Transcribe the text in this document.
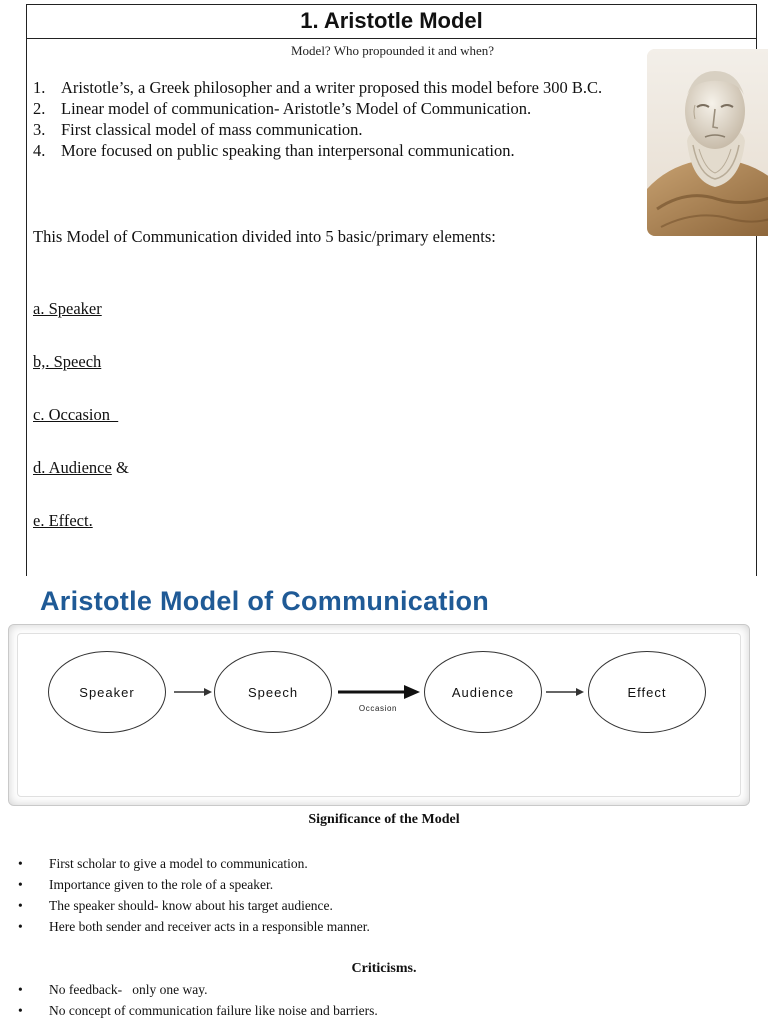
1. Aristotle Model
Model? Who propounded it and when?
1. Aristotle’s, a Greek philosopher and a writer proposed this model before 300 B.C.
2. Linear model of communication- Aristotle’s Model of Communication.
3. First classical model of mass communication.
4. More focused on public speaking than interpersonal communication.
This Model of Communication divided into 5 basic/primary elements:
a. Speaker
b,. Speech
c. Occasion
d. Audience &
e. Effect.
Aristotle Model of Communication
Speaker	Speech	Audience	Effect
Occasion
Significance of the Model
•	First scholar to give a model to communication.
•	Importance given to the role of a speaker.
•	The speaker should- know about his target audience.
•	Here both sender and receiver acts in a responsible manner.
Criticisms.
•	No feedback-   only one way.
•	No concept of communication failure like noise and barriers.
